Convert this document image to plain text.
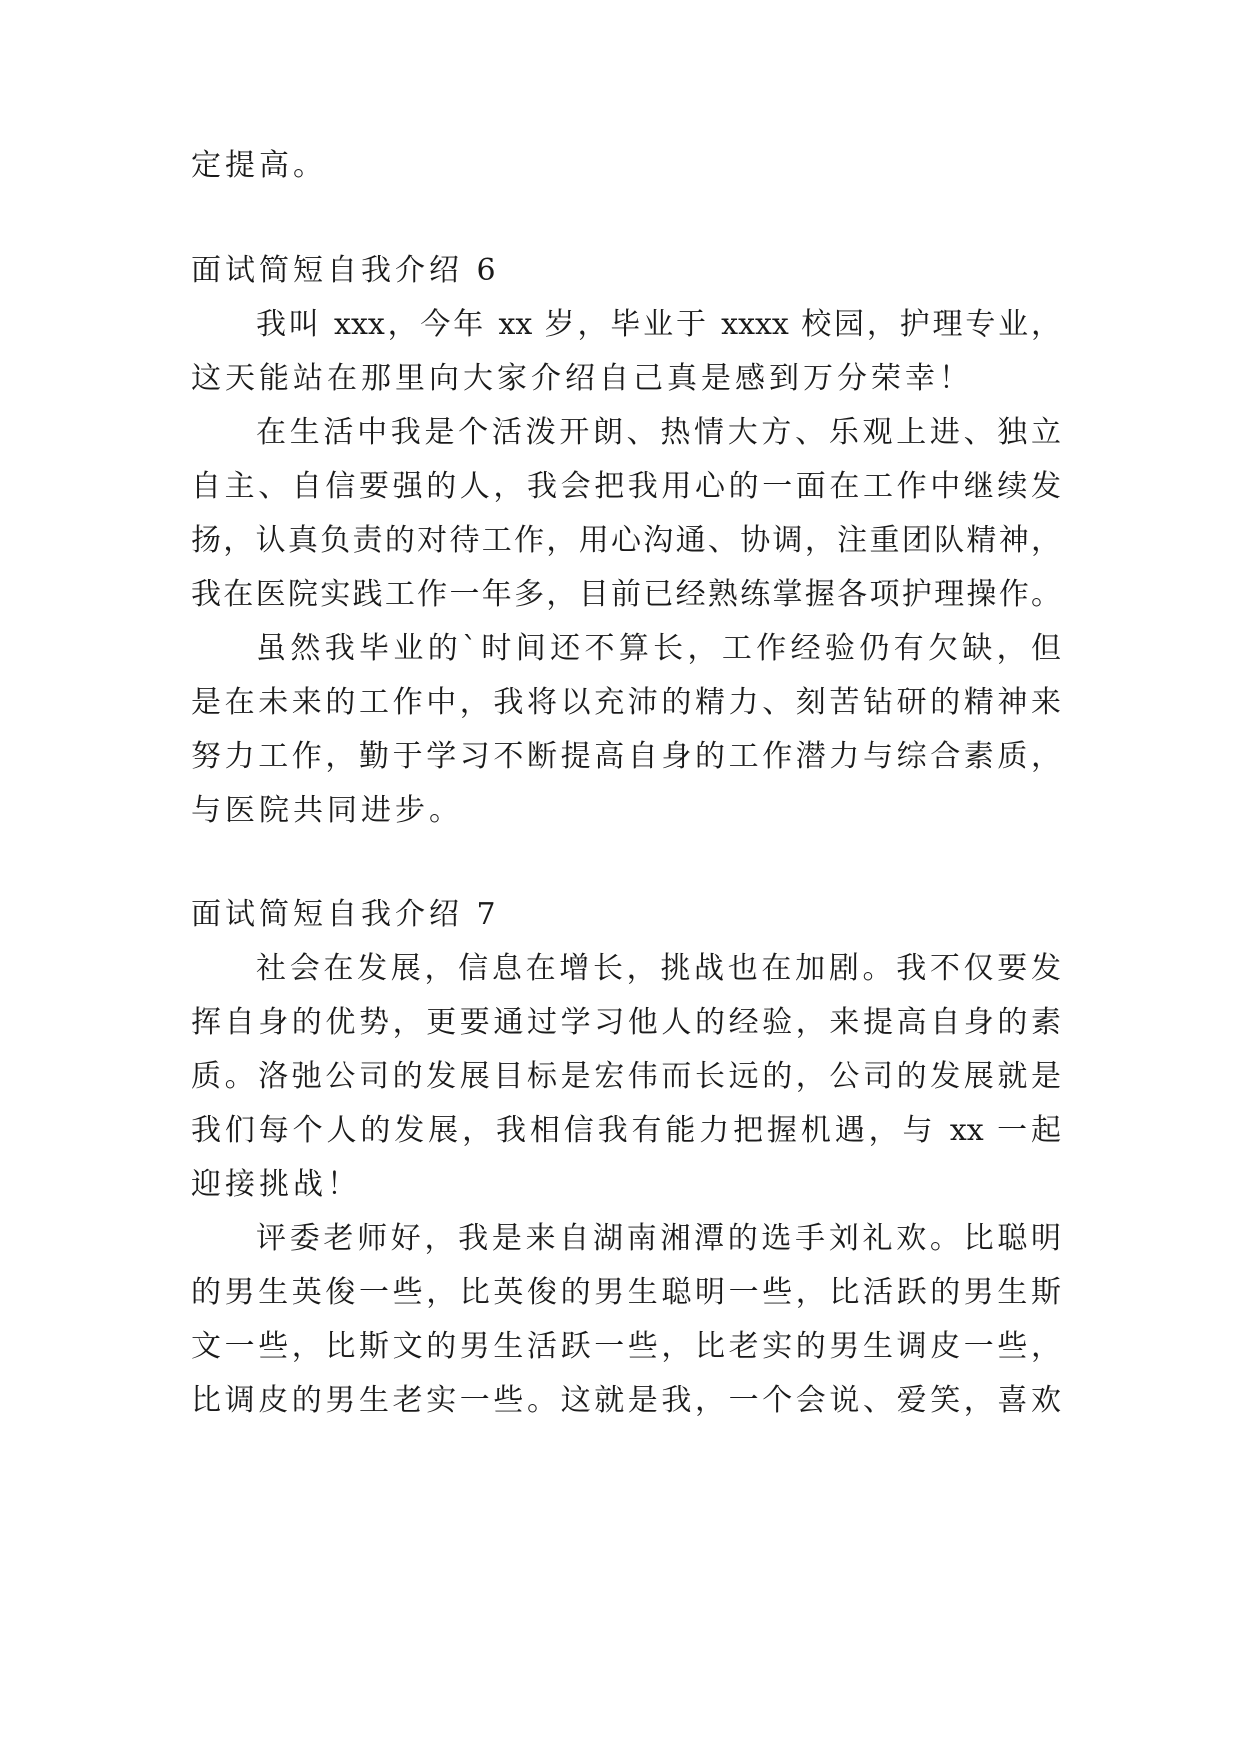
定提高。
面试简短自我介绍 6
我叫 xxx，今年 xx 岁，毕业于 xxxx 校园，护理专业，
这天能站在那里向大家介绍自己真是感到万分荣幸！
在生活中我是个活泼开朗、热情大方、乐观上进、独立
自主、自信要强的人，我会把我用心的一面在工作中继续发
扬，认真负责的对待工作，用心沟通、协调，注重团队精神，
我在医院实践工作一年多，目前已经熟练掌握各项护理操作。
虽然我毕业的`时间还不算长，工作经验仍有欠缺，但
是在未来的工作中，我将以充沛的精力、刻苦钻研的精神来
努力工作，勤于学习不断提高自身的工作潜力与综合素质，
与医院共同进步。
面试简短自我介绍 7
社会在发展，信息在增长，挑战也在加剧。我不仅要发
挥自身的优势，更要通过学习他人的经验，来提高自身的素
质。洛弛公司的发展目标是宏伟而长远的，公司的发展就是
我们每个人的发展，我相信我有能力把握机遇，与 xx 一起
迎接挑战！
评委老师好，我是来自湖南湘潭的选手刘礼欢。比聪明
的男生英俊一些，比英俊的男生聪明一些，比活跃的男生斯
文一些，比斯文的男生活跃一些，比老实的男生调皮一些，
比调皮的男生老实一些。这就是我，一个会说、爱笑，喜欢
